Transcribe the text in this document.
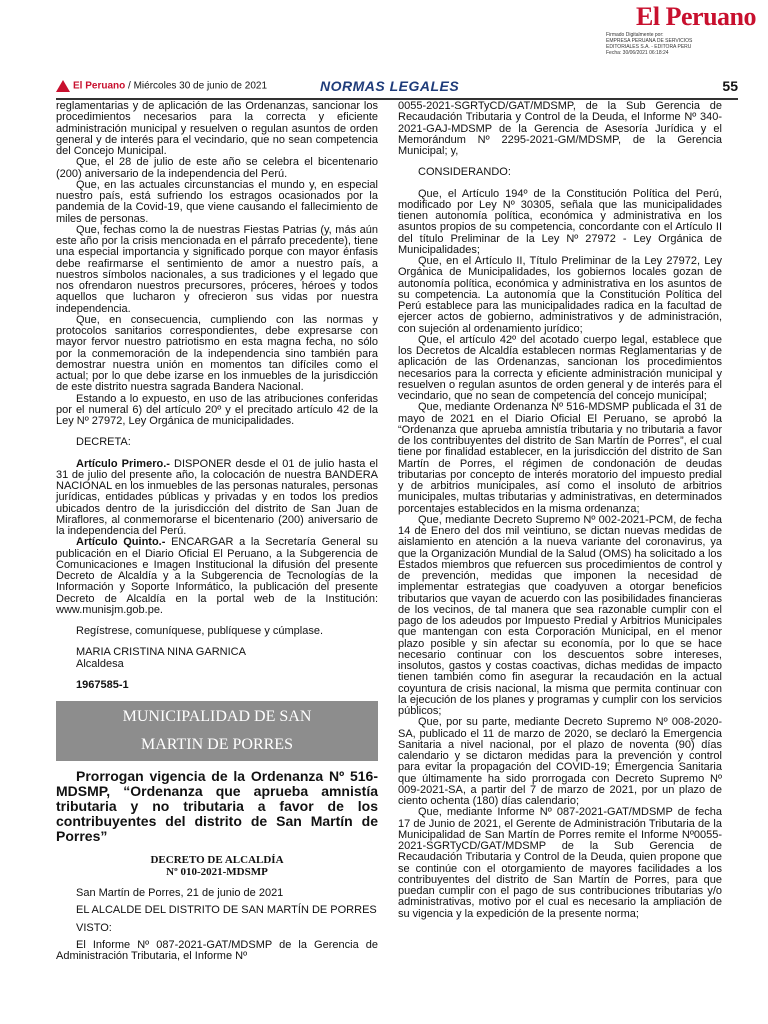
El Peruano
Firmado Digitalmente por:
EMPRESA PERUANA DE SERVICIOS
EDITORIALES S.A. - EDITORA PERU
Fecha: 30/06/2021 06:18:24
El Peruano / Miércoles 30 de junio de 2021	NORMAS LEGALES	55

reglamentarias y de aplicación de las Ordenanzas, sancionar los procedimientos necesarios para la correcta y eficiente administración municipal y resuelven o regulan asuntos de orden general y de interés para el vecindario, que no sean competencia del Concejo Municipal.

Que, el 28 de julio de este año se celebra el bicentenario (200) aniversario de la independencia del Perú.

Que, en las actuales circunstancias el mundo y, en especial nuestro país, está sufriendo los estragos ocasionados por la pandemia de la Covid-19, que viene causando el fallecimiento de miles de personas.

Que, fechas como la de nuestras Fiestas Patrias (y, más aún este año por la crisis mencionada en el párrafo precedente), tiene una especial importancia y significado porque con mayor énfasis debe reafirmarse el sentimiento de amor a nuestro país, a nuestros símbolos nacionales, a sus tradiciones y el legado que nos ofrendaron nuestros precursores, próceres, héroes y todos aquellos que lucharon y ofrecieron sus vidas por nuestra independencia.

Que, en consecuencia, cumpliendo con las normas y protocolos sanitarios correspondientes, debe expresarse con mayor fervor nuestro patriotismo en esta magna fecha, no sólo por la conmemoración de la independencia sino también para demostrar nuestra unión en momentos tan difíciles como el actual; por lo que debe izarse en los inmuebles de la jurisdicción de este distrito nuestra sagrada Bandera Nacional.

Estando a lo expuesto, en uso de las atribuciones conferidas por el numeral 6) del artículo 20º y el precitado artículo 42 de la Ley Nº 27972, Ley Orgánica de municipalidades.

DECRETA:

Artículo Primero.- DISPONER desde el 01 de julio hasta el 31 de julio del presente año, la colocación de nuestra BANDERA NACIONAL en los inmuebles de las personas naturales, personas jurídicas, entidades públicas y privadas y en todos los predios ubicados dentro de la jurisdicción del distrito de San Juan de Miraflores, al conmemorarse el bicentenario (200) aniversario de la independencia del Perú.

Artículo Quinto.- ENCARGAR a la Secretaría General su publicación en el Diario Oficial El Peruano, a la Subgerencia de Comunicaciones e Imagen Institucional la difusión del presente Decreto de Alcaldía y a la Subgerencia de Tecnologías de la Información y Soporte Informático, la publicación del presente Decreto de Alcaldía en la portal web de la Institución: www.munisjm.gob.pe.

Regístrese, comuníquese, publíquese y cúmplase.

MARIA CRISTINA NINA GARNICA

Alcaldesa

1967585-1

MUNICIPALIDAD DE SAN
MARTIN DE PORRES

Prorrogan vigencia de la Ordenanza Nº 516-MDSMP, “Ordenanza que aprueba amnistía tributaria y no tributaria a favor de los contribuyentes del distrito de San Martín de Porres”

DECRETO DE ALCALDÍA
Nº 010-2021-MDSMP

San Martín de Porres, 21 de junio de 2021

EL ALCALDE DEL DISTRITO DE SAN MARTÍN DE PORRES

VISTO:

El Informe Nº 087-2021-GAT/MDSMP de la Gerencia de Administración Tributaria, el Informe Nº

0055-2021-SGRTyCD/GAT/MDSMP, de la Sub Gerencia de Recaudación Tributaria y Control de la Deuda, el Informe Nº 340-2021-GAJ-MDSMP de la Gerencia de Asesoría Jurídica y el Memorándum Nº 2295-2021-GM/MDSMP, de la Gerencia Municipal; y,

CONSIDERANDO:

Que, el Artículo 194º de la Constitución Política del Perú, modificado por Ley Nº 30305, señala que las municipalidades tienen autonomía política, económica y administrativa en los asuntos propios de su competencia, concordante con el Artículo II del título Preliminar de la Ley Nº 27972 - Ley Orgánica de Municipalidades;

Que, en el Artículo II, Título Preliminar de la Ley 27972, Ley Orgánica de Municipalidades, los gobiernos locales gozan de autonomía política, económica y administrativa en los asuntos de su competencia. La autonomía que la Constitución Política del Perú establece para las municipalidades radica en la facultad de ejercer actos de gobierno, administrativos y de administración, con sujeción al ordenamiento jurídico;

Que, el artículo 42º del acotado cuerpo legal, establece que los Decretos de Alcaldía establecen normas Reglamentarias y de aplicación de las Ordenanzas, sancionan los procedimientos necesarios para la correcta y eficiente administración municipal y resuelven o regulan asuntos de orden general y de interés para el vecindario, que no sean de competencia del concejo municipal;

Que, mediante Ordenanza Nº 516-MDSMP publicada el 31 de mayo de 2021 en el Diario Oficial El Peruano, se aprobó la “Ordenanza que aprueba amnistía tributaria y no tributaria a favor de los contribuyentes del distrito de San Martín de Porres”, el cual tiene por finalidad establecer, en la jurisdicción del distrito de San Martín de Porres, el régimen de condonación de deudas tributarias por concepto de interés moratorio del impuesto predial y de arbitrios municipales, así como el insoluto de arbitrios municipales, multas tributarias y administrativas, en determinados porcentajes establecidos en la misma ordenanza;

Que, mediante Decreto Supremo Nº 002-2021-PCM, de fecha 14 de Enero del dos mil veintiuno, se dictan nuevas medidas de aislamiento en atención a la nueva variante del coronavirus, ya que la Organización Mundial de la Salud (OMS) ha solicitado a los Estados miembros que refuercen sus procedimientos de control y de prevención, medidas que imponen la necesidad de implementar estrategias que coadyuven a otorgar beneficios tributarios que vayan de acuerdo con las posibilidades financieras de los vecinos, de tal manera que sea razonable cumplir con el pago de los adeudos por Impuesto Predial y Arbitrios Municipales que mantengan con esta Corporación Municipal, en el menor plazo posible y sin afectar su economía, por lo que se hace necesario continuar con los descuentos sobre intereses, insolutos, gastos y costas coactivas, dichas medidas de impacto tienen también como fin asegurar la recaudación en la actual coyuntura de crisis nacional, la misma que permita continuar con la ejecución de los planes y programas y cumplir con los servicios públicos;

Que, por su parte, mediante Decreto Supremo Nº 008-2020-SA, publicado el 11 de marzo de 2020, se declaró la Emergencia Sanitaria a nivel nacional, por el plazo de noventa (90) días calendario y se dictaron medidas para la prevención y control para evitar la propagación del COVID-19; Emergencia Sanitaria que últimamente ha sido prorrogada con Decreto Supremo Nº 009-2021-SA, a partir del 7 de marzo de 2021, por un plazo de ciento ochenta (180) días calendario;

Que, mediante Informe Nº 087-2021-GAT/MDSMP de fecha 17 de Junio de 2021, el Gerente de Administración Tributaria de la Municipalidad de San Martín de Porres remite el Informe Nº0055-2021-SGRTyCD/GAT/MDSMP de la Sub Gerencia de Recaudación Tributaria y Control de la Deuda, quien propone que se continúe con el otorgamiento de mayores facilidades a los contribuyentes del distrito de San Martín de Porres, para que puedan cumplir con el pago de sus contribuciones tributarias y/o administrativas, motivo por el cual es necesario la ampliación de su vigencia y la expedición de la presente norma;
